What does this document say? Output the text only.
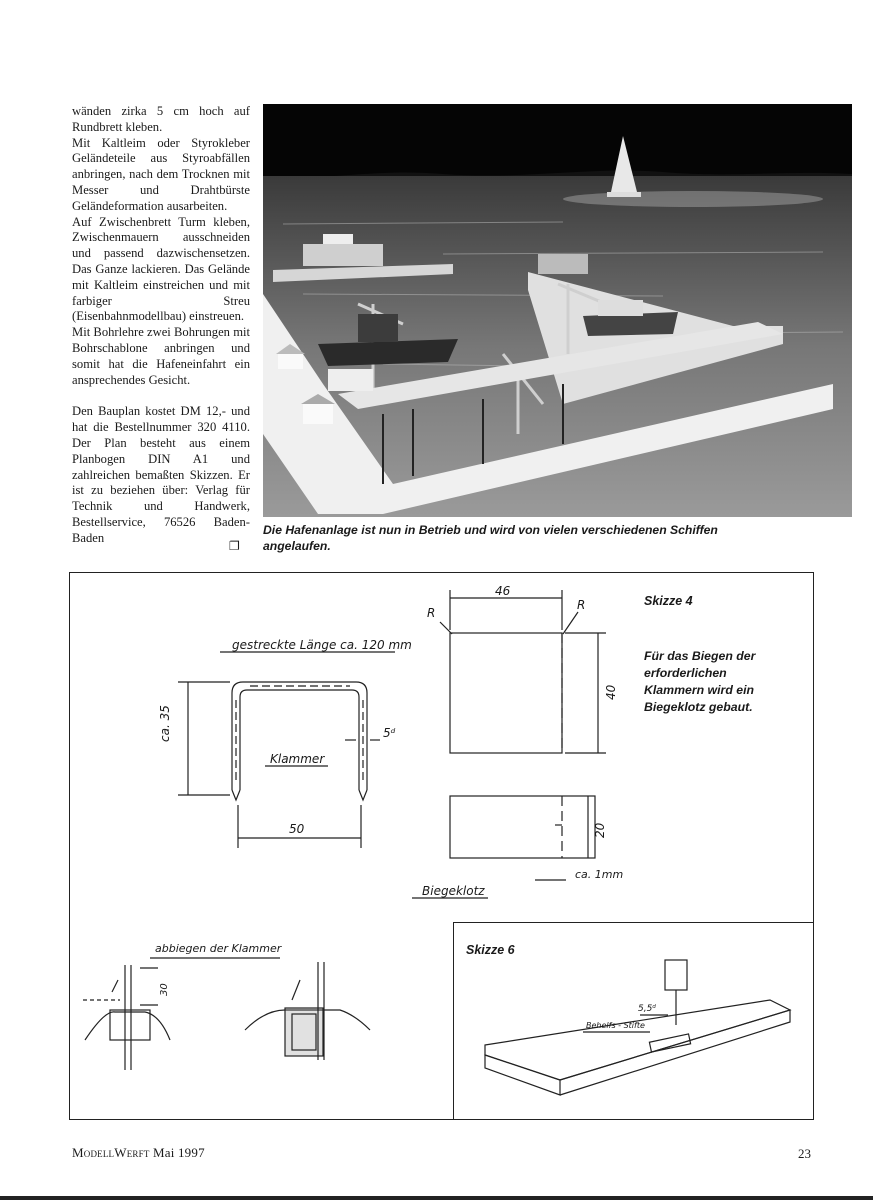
wänden zirka 5 cm hoch auf Rundbrett kleben.

Mit Kaltleim oder Styrokleber Geländeteile aus Styroabfällen anbringen, nach dem Trocknen mit Messer und Drahtbürste Geländeformation ausarbeiten.

Auf Zwischenbrett Turm kleben, Zwischenmauern ausschneiden und passend dazwischensetzen. Das Ganze lackieren. Das Gelände mit Kaltleim einstreichen und mit farbiger Streu (Eisenbahnmodellbau) einstreuen.

Mit Bohrlehre zwei Bohrungen mit Bohrschablone anbringen und somit hat die Hafeneinfahrt ein ansprechendes Gesicht.

Den Bauplan kostet DM 12,- und hat die Bestellnummer 320 4110. Der Plan besteht aus einem Planbogen DIN A1 und zahlreichen bemaßten Skizzen. Er ist zu beziehen über: Verlag für Technik und Handwerk, Bestellservice, 76526 Baden-Baden

❐
Die Hafenanlage ist nun in Betrieb und wird von vielen verschiedenen Schiffen angelaufen.
gestreckte Länge ca. 120 mm
Klammer
ca. 35
50
5ᵈ
46
40
R
R
20
ca. 1mm
Biegeklotz
abbiegen der Klammer
30
5,5ᵈ
Behelfs - Stifte
Skizze 4
Für das Biegen der erforderlichen Klammern wird ein Biegeklotz gebaut.
Skizze 6
ModellWerft Mai 1997	23
